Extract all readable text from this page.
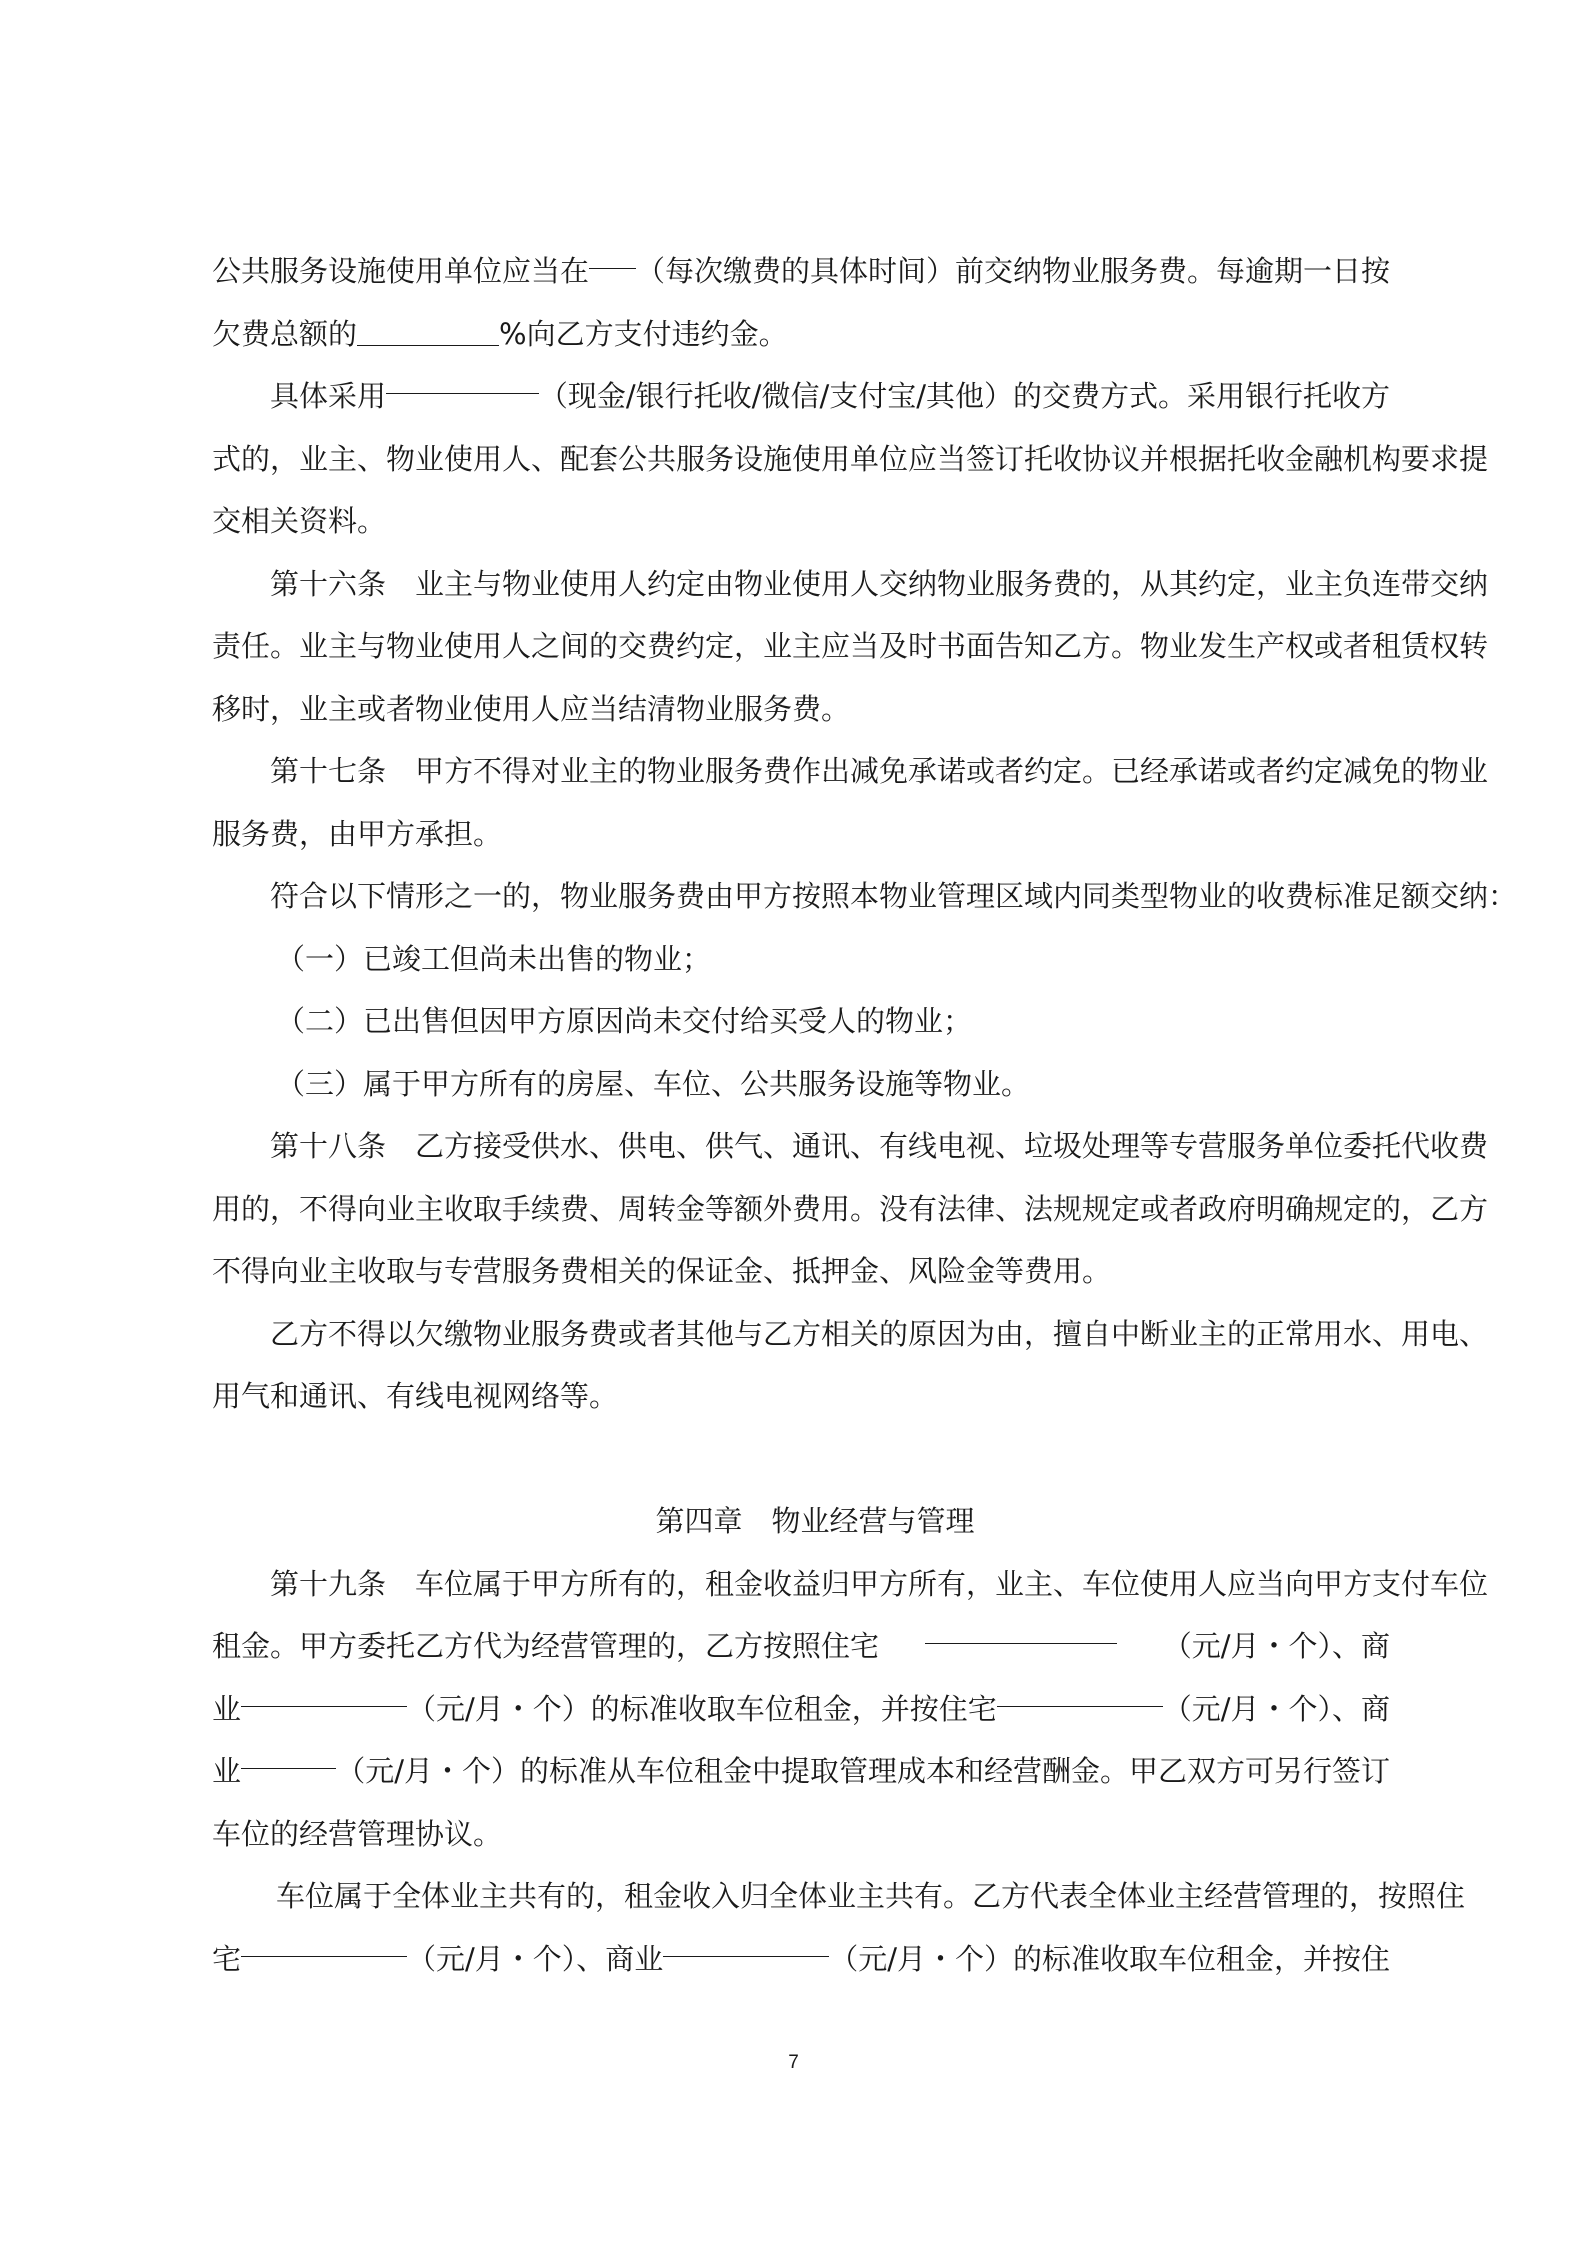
公共服务设施使用单位应当在 （每次缴费的具体时间）前交纳物业服务费。每逾期一日按
欠费总额的	%向乙方支付违约金。
具体采用	（现金/银行托收/微信/支付宝/其他）的交费方式。采用银行托收方
式的，业主、物业使用人、配套公共服务设施使用单位应当签订托收协议并根据托收金融机构要求提
交相关资料。
第十六条　业主与物业使用人约定由物业使用人交纳物业服务费的，从其约定，业主负连带交纳
责任。业主与物业使用人之间的交费约定，业主应当及时书面告知乙方。物业发生产权或者租赁权转
移时，业主或者物业使用人应当结清物业服务费。
第十七条　甲方不得对业主的物业服务费作出减免承诺或者约定。已经承诺或者约定减免的物业
服务费，由甲方承担。
符合以下情形之一的，物业服务费由甲方按照本物业管理区域内同类型物业的收费标准足额交纳：
（一）已竣工但尚未出售的物业；
（二）已出售但因甲方原因尚未交付给买受人的物业；
（三）属于甲方所有的房屋、车位、公共服务设施等物业。
第十八条　乙方接受供水、供电、供气、通讯、有线电视、垃圾处理等专营服务单位委托代收费
用的，不得向业主收取手续费、周转金等额外费用。没有法律、法规规定或者政府明确规定的，乙方
不得向业主收取与专营服务费相关的保证金、抵押金、风险金等费用。
乙方不得以欠缴物业服务费或者其他与乙方相关的原因为由，擅自中断业主的正常用水、用电、
用气和通讯、有线电视网络等。
第四章　物业经营与管理
第十九条　车位属于甲方所有的，租金收益归甲方所有，业主、车位使用人应当向甲方支付车位
租金。甲方委托乙方代为经营管理的，乙方按照住宅	（元/月・个）、商
业	（元/月・个）的标准收取车位租金，并按住宅	（元/月・个）、商
业	（元/月・个）的标准从车位租金中提取管理成本和经营酬金。甲乙双方可另行签订
车位的经营管理协议。
车位属于全体业主共有的，租金收入归全体业主共有。乙方代表全体业主经营管理的，按照住
宅	（元/月・个）、商业	（元/月・个）的标准收取车位租金，并按住
7
